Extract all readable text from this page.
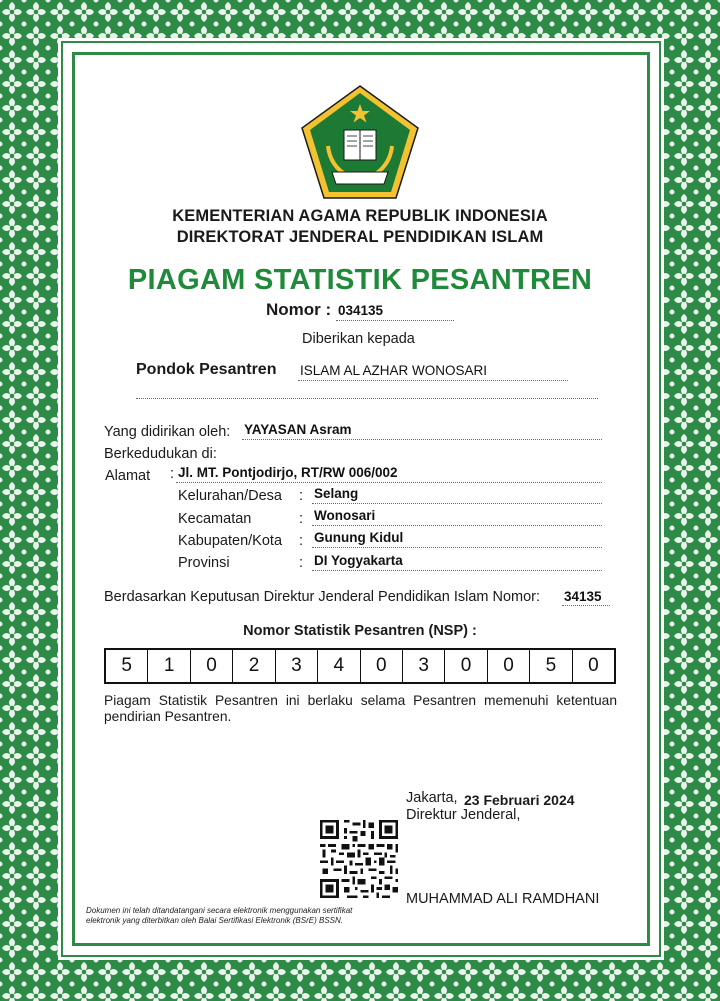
KEMENTERIAN AGAMA REPUBLIK INDONESIA
DIREKTORAT JENDERAL PENDIDIKAN ISLAM
PIAGAM STATISTIK PESANTREN
Nomor : 034135
Diberikan kepada
Pondok Pesantren ISLAM AL AZHAR WONOSARI
Yang didirikan oleh: YAYASAN Asram
Berkedudukan di:
Alamat : Jl. MT. Pontjodirjo, RT/RW 006/002
Kelurahan/Desa : Selang
Kecamatan	: Wonosari
Kabupaten/Kota : Gunung Kidul
Provinsi	: DI Yogyakarta
Berdasarkan Keputusan Direktur Jenderal Pendidikan Islam Nomor: 34135
Nomor Statistik Pesantren (NSP) :
5	1	0	2	3	4	0	3	0	0	5	0
Piagam Statistik Pesantren ini berlaku selama Pesantren memenuhi ketentuan pendirian Pesantren.
Jakarta, 23 Februari 2024
Direktur Jenderal,
MUHAMMAD ALI RAMDHANI
Dokumen ini telah ditandatangani secara elektronik menggunakan sertifikat elektronik yang diterbitkan oleh Balai Sertifikasi Elektronik (BSrE) BSSN.
